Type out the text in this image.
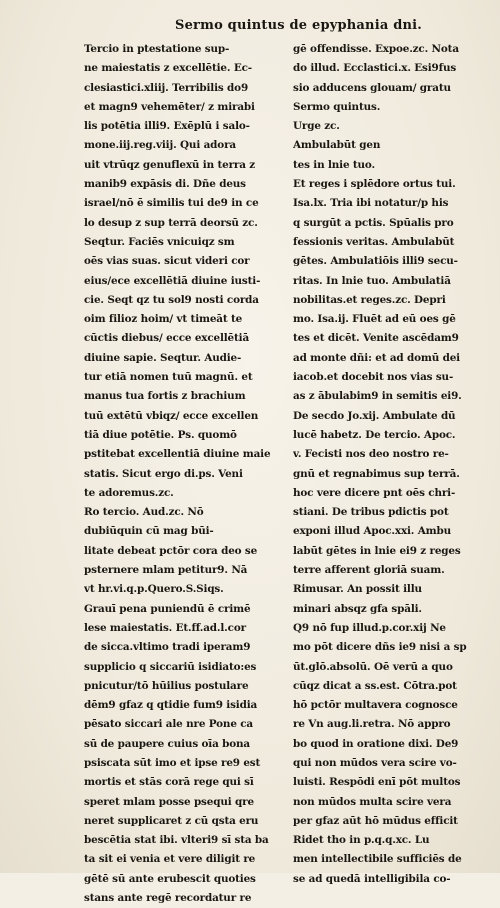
Sermo quintus de epyphania dni.
Tercio in ptestatione sup-
ne maiestatis z excellētie. Ec-
clesiastici.xliij. Terribilis do9
et magn9 vehemēter/ z mirabi
lis potētia illi9. Exēplū i salo-
mone.iij.reg.viij. Qui adora
uit vtrūqz genuflexū in terra z
manib9 expāsis di. Dñe deus
israel/nō ē similis tui de9 in ce
lo desup z sup terrā deorsū zc.
Seqtur. Faciēs vnicuiqz sm
oēs vias suas. sicut videri cor
eius/ece excellētiā diuine iusti-
cie. Seqt qz tu sol9 nosti corda
oim filioz hoim/ vt timeāt te
cūctis diebus/ ecce excellētiā
diuine sapie. Seqtur. Audie-
tur etiā nomen tuū magnū. et
manus tua fortis z brachium
tuū extētū vbiqz/ ecce excellen
tiā diue potētie. Ps. quomō
pstitebat excellentiā diuine maie
statis. Sicut ergo di.ps. Veni
te adoremus.zc.
Ro tercio. Aud.zc. Nō
dubiūquin cū mag būi-
litate debeat pctōr cora deo se
psternere mlam petitur9. Nā
vt hr.vi.q.p.Quero.S.Siqs.
Grauī pena puniendū ē crimē
lese maiestatis. Et.ff.ad.l.cor
de sicca.vltimo tradi iperam9
supplicio q siccariū isidiato:es
pnicutur/tō hūilius postulare
dēm9 gfaz q qtidie fum9 isidia
pēsato siccari ale nre Pone ca
sū de paupere cuius oīa bona
psiscata sūt imo et ipse re9 est
mortis et stās corā rege qui sī
speret mlam posse psequi qre
neret supplicaret z cū qsta eru
bescētia stat ibi. vlteri9 sī sta ba
ta sit ei venia et vere diligit re
gētē sū ante erubescit quoties
stans ante regē recordatur re
gē offendisse. Expoe.zc. Nota
do illud. Ecclastici.x. Esi9fus
sio adducens glouam/ gratu
Sermo quintus.
Urge zc.
Ambulabūt gen
tes in lnie tuo.
Et reges i splēdore ortus tui.
Isa.lx. Tria ibi notatur/p his
q surgūt a pctis. Spūalis pro
fessionis veritas. Ambulabūt
gētes. Ambulatiōis illi9 secu-
ritas. In lnie tuo. Ambulatiā
nobilitas.et reges.zc. Depri
mo. Isa.ij. Fluēt ad eū oes gē
tes et dicēt. Venite ascēdam9
ad monte dñi: et ad domū dei
iacob.et docebit nos vias su-
as z ābulabim9 in semitis ei9.
De secdo Jo.xij. Ambulate dū
lucē habetz. De tercio. Apoc.
v. Fecisti nos deo nostro re-
gnū et regnabimus sup terrā.
hoc vere dicere pnt oēs chri-
stiani. De tribus pdictis pot
exponi illud Apoc.xxi. Ambu
labūt gētes in lnie ei9 z reges
terre afferent gloriā suam.
Rimusar. An possit illu
minari absqz gfa spāli.
Q9 nō fup illud.p.cor.xij Ne
mo pōt dicere dñs ie9 nisi a sp
ūt.glō.absolū. Oē verū a quo
cūqz dicat a ss.est. Cōtra.pot
hō pctōr multavera cognosce
re Vn aug.li.retra. Nō appro
bo quod in oratione dixi. De9
qui non mūdos vera scire vo-
luisti. Respōdi enī pōt multos
non mūdos multa scire vera
per gfaz aūt hō mūdus efficit
Ridet tho in p.q.q.xc. Lu
men intellectibile sufficiēs de
se ad quedā intelligibila co-
